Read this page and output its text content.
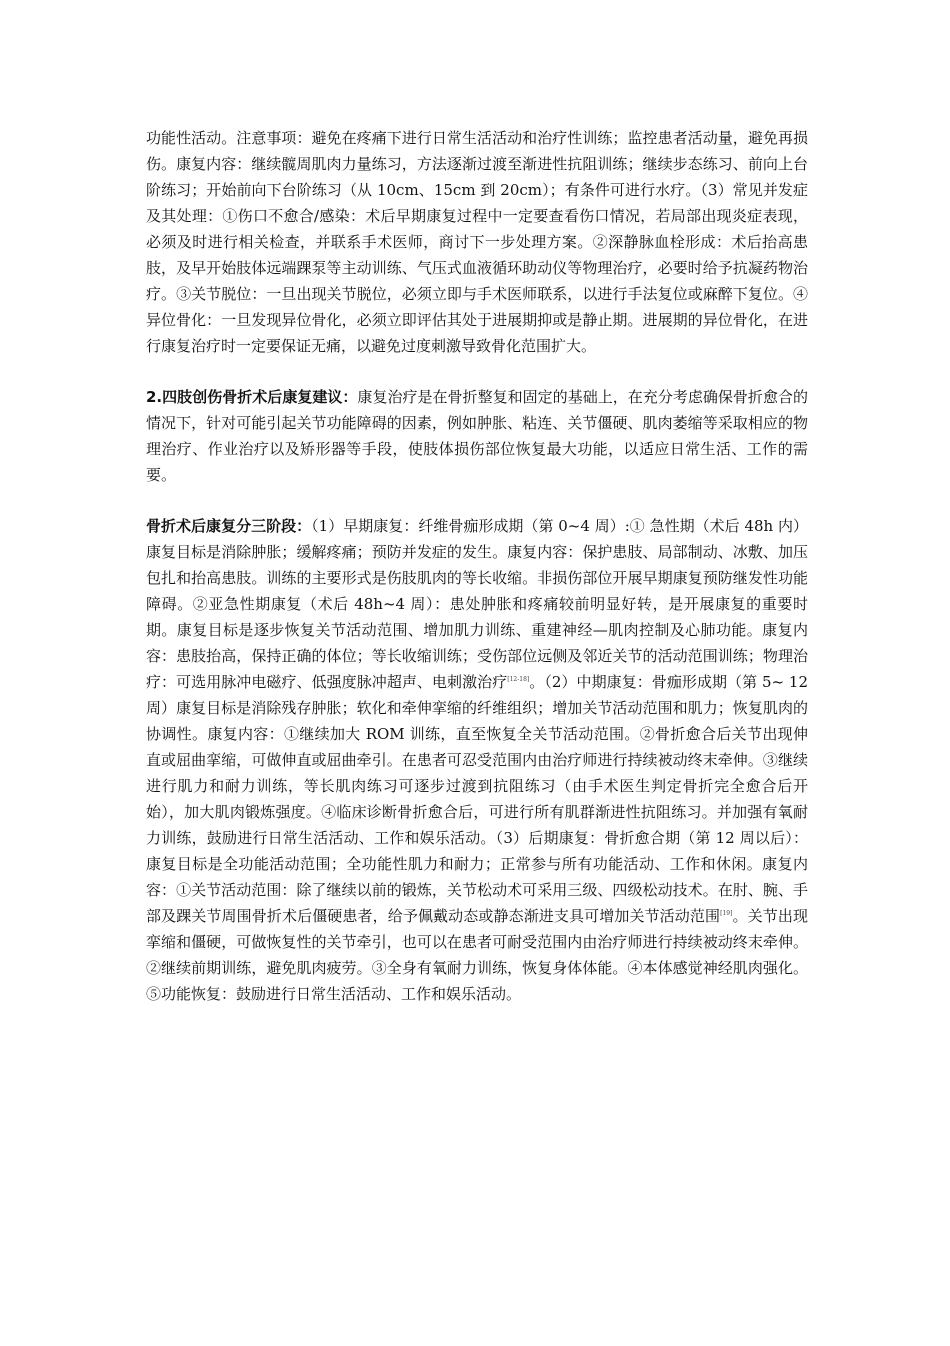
功能性活动。注意事项：避免在疼痛下进行日常生活活动和治疗性训练；监控患者活动量，避免再损伤。康复内容：继续髋周肌肉力量练习，方法逐渐过渡至渐进性抗阻训练；继续步态练习、前向上台阶练习；开始前向下台阶练习（从 10cm、15cm 到 20cm）；有条件可进行水疗。（3）常见并发症及其处理：①伤口不愈合/感染：术后早期康复过程中一定要查看伤口情况，若局部出现炎症表现，必须及时进行相关检查，并联系手术医师，商讨下一步处理方案。②深静脉血栓形成：术后抬高患肢，及早开始肢体远端踝泵等主动训练、气压式血液循环助动仪等物理治疗，必要时给予抗凝药物治疗。③关节脱位：一旦出现关节脱位，必须立即与手术医师联系，以进行手法复位或麻醉下复位。④异位骨化：一旦发现异位骨化，必须立即评估其处于进展期抑或是静止期。进展期的异位骨化，在进行康复治疗时一定要保证无痛，以避免过度刺激导致骨化范围扩大。

2.四肢创伤骨折术后康复建议：康复治疗是在骨折整复和固定的基础上，在充分考虑确保骨折愈合的情况下，针对可能引起关节功能障碍的因素，例如肿胀、粘连、关节僵硬、肌肉萎缩等采取相应的物理治疗、作业治疗以及矫形器等手段，使肢体损伤部位恢复最大功能，以适应日常生活、工作的需要。

骨折术后康复分三阶段：（1）早期康复：纤维骨痂形成期（第 0~4 周）:① 急性期（术后 48h 内）康复目标是消除肿胀；缓解疼痛；预防并发症的发生。康复内容：保护患肢、局部制动、冰敷、加压包扎和抬高患肢。训练的主要形式是伤肢肌肉的等长收缩。非损伤部位开展早期康复预防继发性功能障碍。②亚急性期康复（术后 48h~4 周）：患处肿胀和疼痛较前明显好转，是开展康复的重要时期。康复目标是逐步恢复关节活动范围、增加肌力训练、重建神经—肌肉控制及心肺功能。康复内容：患肢抬高，保持正确的体位；等长收缩训练；受伤部位远侧及邻近关节的活动范围训练；物理治疗：可选用脉冲电磁疗、低强度脉冲超声、电刺激治疗[12-18]。（2）中期康复：骨痂形成期（第 5~ 12 周）康复目标是消除残存肿胀；软化和牵伸挛缩的纤维组织；增加关节活动范围和肌力；恢复肌肉的协调性。康复内容：①继续加大 ROM 训练，直至恢复全关节活动范围。②骨折愈合后关节出现伸直或屈曲挛缩，可做伸直或屈曲牵引。在患者可忍受范围内由治疗师进行持续被动终末牵伸。③继续进行肌力和耐力训练，等长肌肉练习可逐步过渡到抗阻练习（由手术医生判定骨折完全愈合后开始），加大肌肉锻炼强度。④临床诊断骨折愈合后，可进行所有肌群渐进性抗阻练习。并加强有氧耐力训练，鼓励进行日常生活活动、工作和娱乐活动。（3）后期康复：骨折愈合期（第 12 周以后）：康复目标是全功能活动范围；全功能性肌力和耐力；正常参与所有功能活动、工作和休闲。康复内容：①关节活动范围：除了继续以前的锻炼，关节松动术可采用三级、四级松动技术。在肘、腕、手部及踝关节周围骨折术后僵硬患者，给予佩戴动态或静态渐进支具可增加关节活动范围[19]。关节出现挛缩和僵硬，可做恢复性的关节牵引，也可以在患者可耐受范围内由治疗师进行持续被动终末牵伸。②继续前期训练，避免肌肉疲劳。③全身有氧耐力训练，恢复身体体能。④本体感觉神经肌肉强化。⑤功能恢复：鼓励进行日常生活活动、工作和娱乐活动。
